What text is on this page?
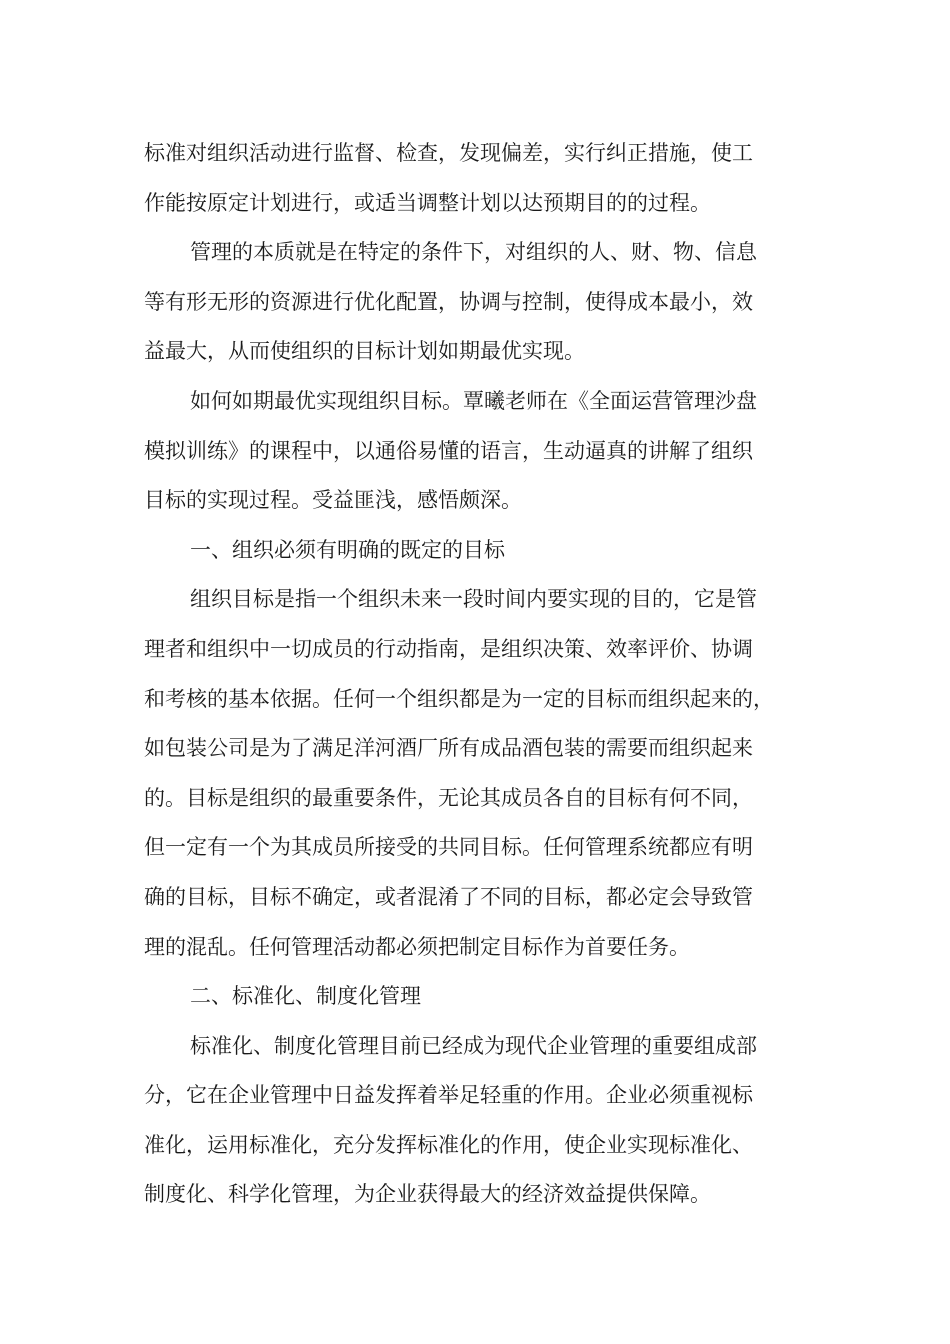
标准对组织活动进行监督、检查，发现偏差，实行纠正措施，使工
作能按原定计划进行，或适当调整计划以达预期目的的过程。
管理的本质就是在特定的条件下，对组织的人、财、物、信息
等有形无形的资源进行优化配置，协调与控制，使得成本最小，效
益最大，从而使组织的目标计划如期最优实现。
如何如期最优实现组织目标。覃曦老师在《全面运营管理沙盘
模拟训练》的课程中，以通俗易懂的语言，生动逼真的讲解了组织
目标的实现过程。受益匪浅，感悟颇深。
一、组织必须有明确的既定的目标
组织目标是指一个组织未来一段时间内要实现的目的，它是管
理者和组织中一切成员的行动指南，是组织决策、效率评价、协调
和考核的基本依据。任何一个组织都是为一定的目标而组织起来的，
如包装公司是为了满足洋河酒厂所有成品酒包装的需要而组织起来
的。目标是组织的最重要条件，无论其成员各自的目标有何不同，
但一定有一个为其成员所接受的共同目标。任何管理系统都应有明
确的目标，目标不确定，或者混淆了不同的目标，都必定会导致管
理的混乱。任何管理活动都必须把制定目标作为首要任务。
二、标准化、制度化管理
标准化、制度化管理目前已经成为现代企业管理的重要组成部
分，它在企业管理中日益发挥着举足轻重的作用。企业必须重视标
准化，运用标准化，充分发挥标准化的作用，使企业实现标准化、
制度化、科学化管理，为企业获得最大的经济效益提供保障。
